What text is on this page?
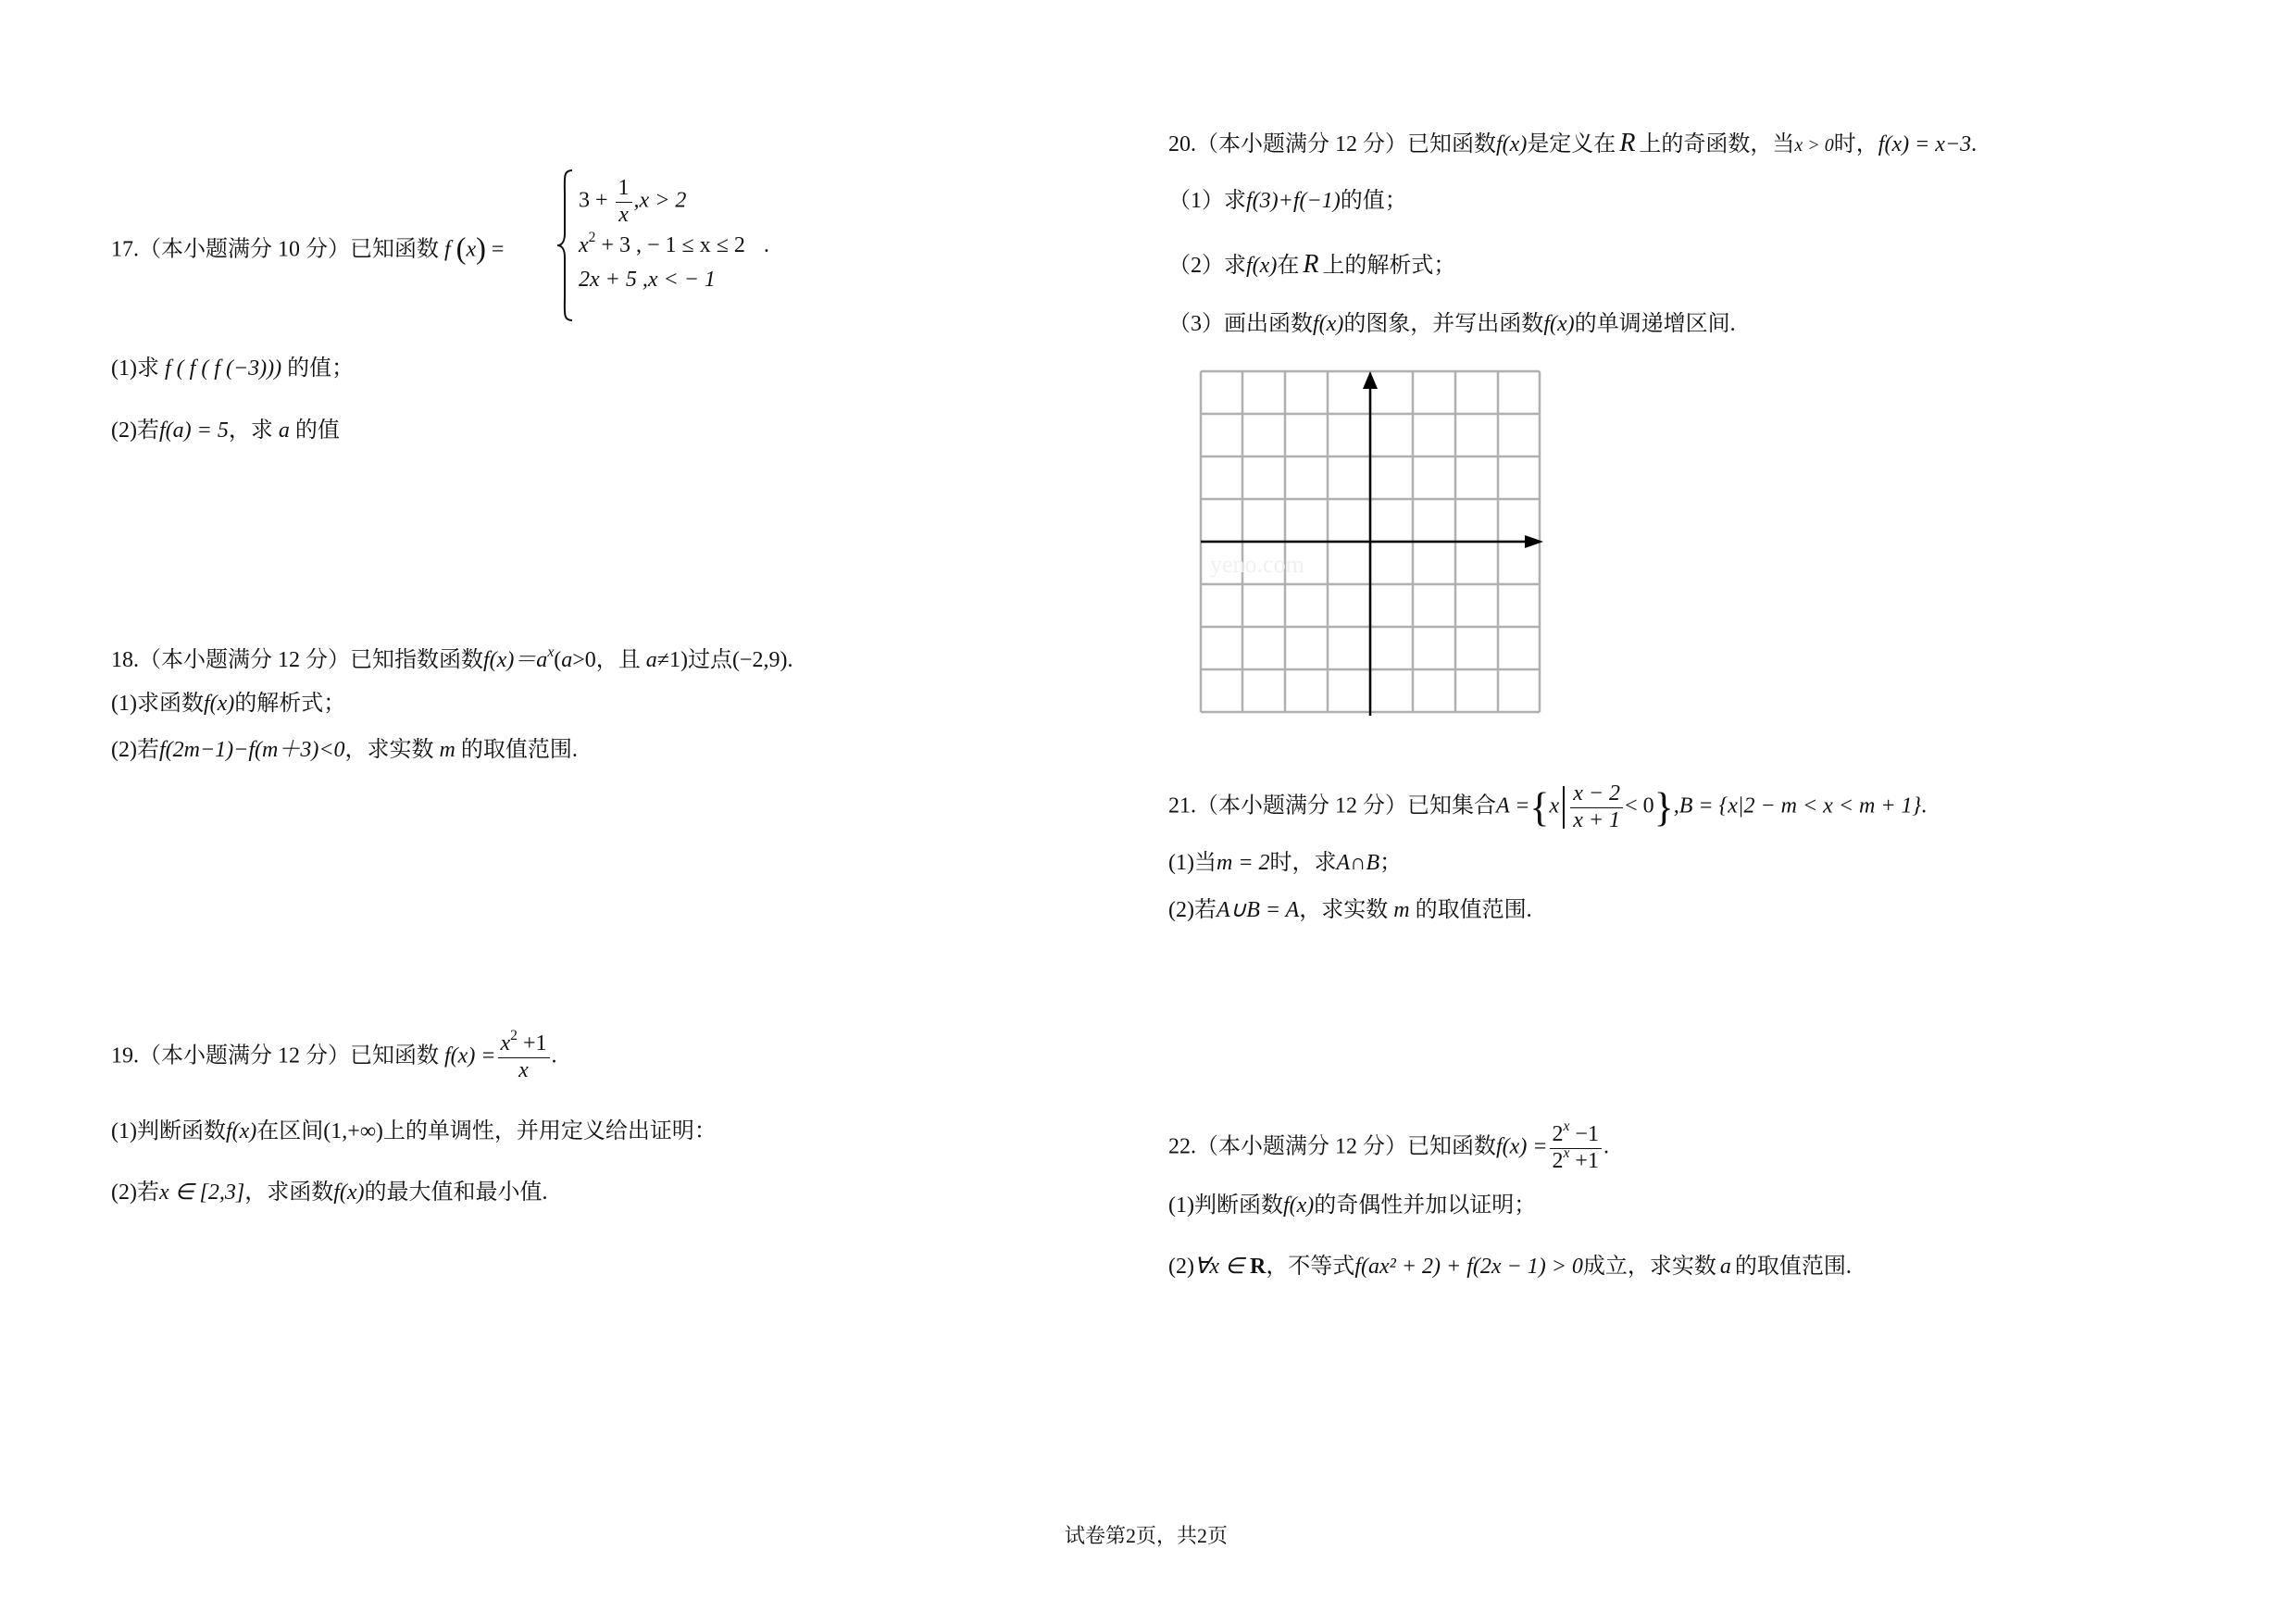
17.（本小题满分 10 分）已知函数 f (x) =
$3 + \frac{1}{x} ,x > 2$
$x^2 + 3$ , − 1 ≤ x ≤ 2 .
2x + 5 ,x < − 1
(1)求 f ( f ( f (−3))) 的值；
(2)若f(a) = 5，求 a 的值
18.（本小题满分 12 分）已知指数函数$f(x)=a^x(a>0$，且 a≠1)过点(−2,9).
(1)求函数f(x)的解析式；
(2)若f(2m−1)−f(m＋3)<0，求实数 m 的取值范围.
19.（本小题满分 12 分）已知函数 $f(x) = \frac{x^2 +1}{x}$ .
(1)判断函数f(x)在区间(1,+∞)上的单调性，并用定义给出证明：
(2)若x ∈ [2,3]，求函数f(x)的最大值和最小值.
20.（本小题满分 12 分）已知函数f(x)是定义在 R 上的奇函数，当x > 0时，f(x) = x−3.
（1）求f(3)+f(−1)的值；
（2）求f(x)在 R 上的解析式；
（3）画出函数f(x)的图象，并写出函数f(x)的单调递增区间.
yeno.com
21.（本小题满分 12 分）已知集合$A =\{x \frac{x - 2}{x + 1} < 0\},B = \{x|2 - m < x < m + 1\}$.
(1)当m = 2时，求A∩B；
(2)若A∪B = A，求实数 m 的取值范围.
22.（本小题满分 12 分）已知函数$f(x) = \frac{2^x -1}{2^x +1}$ .
(1)判断函数f(x)的奇偶性并加以证明；
(2)∀x ∈ R，不等式f(ax² + 2) + f(2x − 1) > 0成立，求实数 a 的取值范围.
试卷第2页，共2页
